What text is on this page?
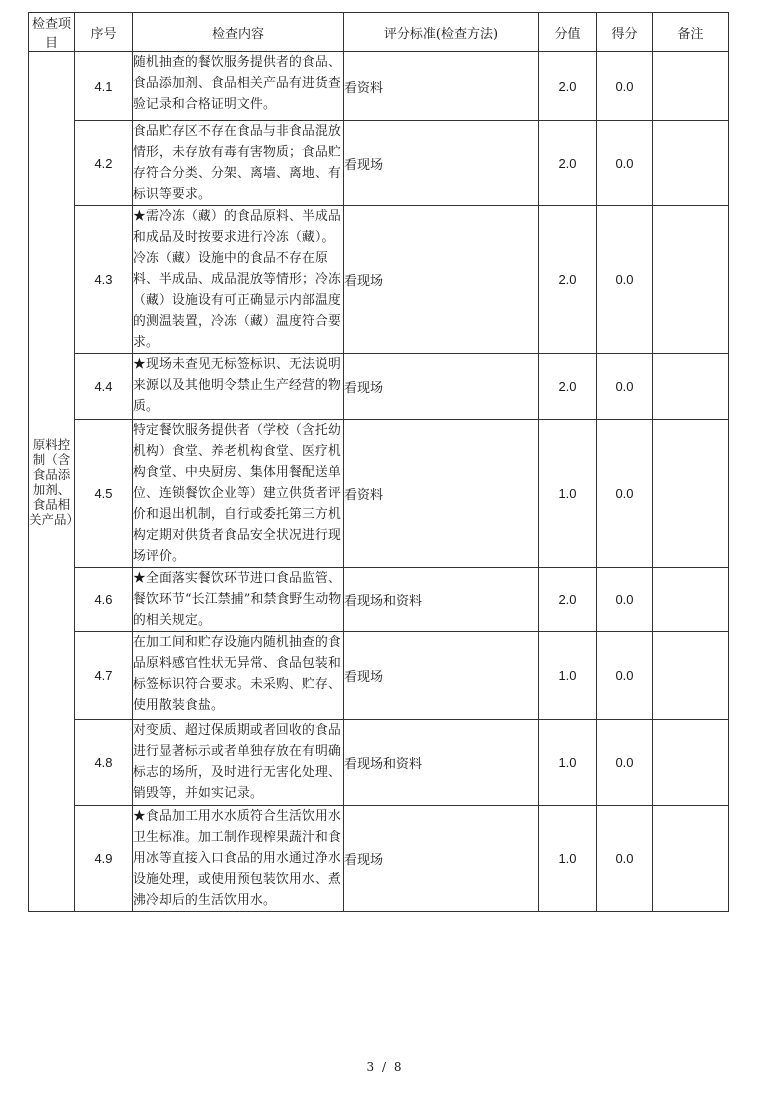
检查项目	序号	检查内容	评分标准(检查方法)	分值	得分	备注
原料控制（含食品添加剂、食品相关产品）	4.1	随机抽查的餐饮服务提供者的食品、食品添加剂、食品相关产品有进货查验记录和合格证明文件。	看资料	2.0	0.0	
	4.2	食品贮存区不存在食品与非食品混放情形，未存放有毒有害物质；食品贮存符合分类、分架、离墙、离地、有标识等要求。	看现场	2.0	0.0	
	4.3	★需冷冻（藏）的食品原料、半成品和成品及时按要求进行冷冻（藏）。冷冻（藏）设施中的食品不存在原料、半成品、成品混放等情形；冷冻（藏）设施设有可正确显示内部温度的测温装置，冷冻（藏）温度符合要求。	看现场	2.0	0.0	
	4.4	★现场未查见无标签标识、无法说明来源以及其他明令禁止生产经营的物质。	看现场	2.0	0.0	
	4.5	特定餐饮服务提供者（学校（含托幼机构）食堂、养老机构食堂、医疗机构食堂、中央厨房、集体用餐配送单位、连锁餐饮企业等）建立供货者评价和退出机制，自行或委托第三方机构定期对供货者食品安全状况进行现场评价。	看资料	1.0	0.0	
	4.6	★全面落实餐饮环节进口食品监管、餐饮环节“长江禁捕”和禁食野生动物的相关规定。	看现场和资料	2.0	0.0	
	4.7	在加工间和贮存设施内随机抽查的食品原料感官性状无异常、食品包装和标签标识符合要求。未采购、贮存、使用散装食盐。	看现场	1.0	0.0	
	4.8	对变质、超过保质期或者回收的食品进行显著标示或者单独存放在有明确标志的场所，及时进行无害化处理、销毁等，并如实记录。	看现场和资料	1.0	0.0	
	4.9	★食品加工用水水质符合生活饮用水卫生标准。加工制作现榨果蔬汁和食用冰等直接入口食品的用水通过净水设施处理，或使用预包装饮用水、煮沸冷却后的生活饮用水。	看现场	1.0	0.0	
3 / 8
